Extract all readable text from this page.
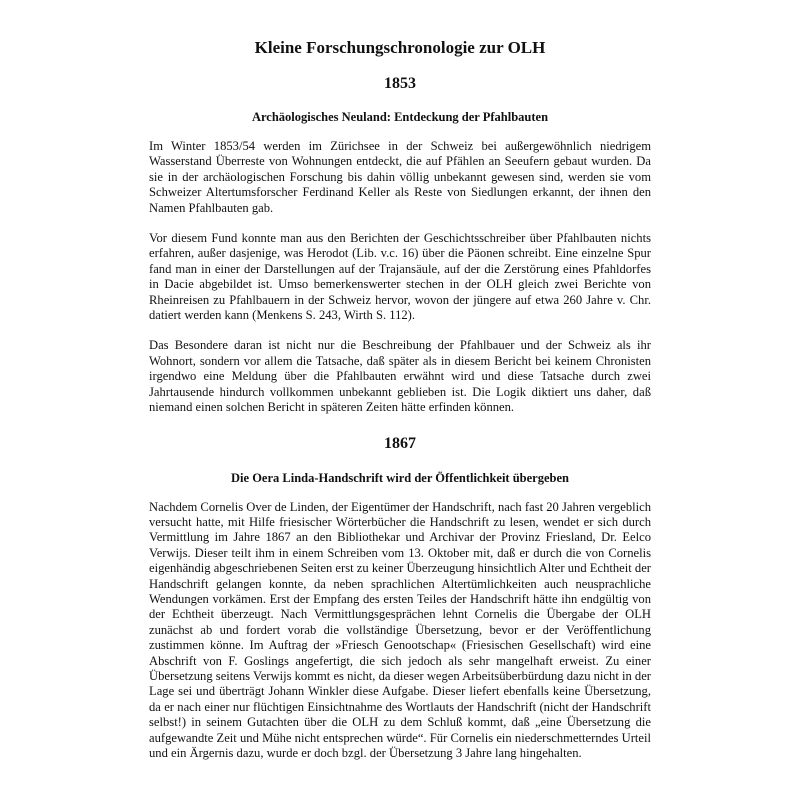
Kleine Forschungschronologie zur OLH
1853
Archäologisches Neuland: Entdeckung der Pfahlbauten

Im Winter 1853/54 werden im Zürichsee in der Schweiz bei außergewöhnlich niedrigem Wasserstand Überreste von Wohnungen entdeckt, die auf Pfählen an Seeufern gebaut wurden. Da sie in der archäologischen Forschung bis dahin völlig unbekannt gewesen sind, werden sie vom Schweizer Altertumsforscher Ferdinand Keller als Reste von Siedlungen erkannt, der ihnen den Namen Pfahlbauten gab.

Vor diesem Fund konnte man aus den Berichten der Geschichtsschreiber über Pfahlbauten nichts erfahren, außer dasjenige, was Herodot (Lib. v.c. 16) über die Päonen schreibt. Eine einzelne Spur fand man in einer der Darstellungen auf der Trajansäule, auf der die Zerstörung eines Pfahldorfes in Dacie abgebildet ist. Umso bemerkenswerter stechen in der OLH gleich zwei Berichte von Rheinreisen zu Pfahlbauern in der Schweiz hervor, wovon der jüngere auf etwa 260 Jahre v. Chr. datiert werden kann (Menkens S. 243, Wirth S. 112).

Das Besondere daran ist nicht nur die Beschreibung der Pfahlbauer und der Schweiz als ihr Wohnort, sondern vor allem die Tatsache, daß später als in diesem Bericht bei keinem Chronisten irgendwo eine Meldung über die Pfahlbauten erwähnt wird und diese Tatsache durch zwei Jahrtausende hindurch vollkommen unbekannt geblieben ist. Die Logik diktiert uns daher, daß niemand einen solchen Bericht in späteren Zeiten hätte erfinden können.

1867
Die Oera Linda-Handschrift wird der Öffentlichkeit übergeben

Nachdem Cornelis Over de Linden, der Eigentümer der Handschrift, nach fast 20 Jahren vergeblich versucht hatte, mit Hilfe friesischer Wörterbücher die Handschrift zu lesen, wendet er sich durch Vermittlung im Jahre 1867 an den Bibliothekar und Archivar der Provinz Friesland, Dr. Eelco Verwijs. Dieser teilt ihm in einem Schreiben vom 13. Oktober mit, daß er durch die von Cornelis eigenhändig abgeschriebenen Seiten erst zu keiner Überzeugung hinsichtlich Alter und Echtheit der Handschrift gelangen konnte, da neben sprachlichen Altertümlichkeiten auch neusprachliche Wendungen vorkämen. Erst der Empfang des ersten Teiles der Handschrift hätte ihn endgültig von der Echtheit überzeugt. Nach Vermittlungsgesprächen lehnt Cornelis die Übergabe der OLH zunächst ab und fordert vorab die vollständige Übersetzung, bevor er der Veröffentlichung zustimmen könne. Im Auftrag der »Friesch Genootschap« (Friesischen Gesellschaft) wird eine Abschrift von F. Goslings angefertigt, die sich jedoch als sehr mangelhaft erweist. Zu einer Übersetzung seitens Verwijs kommt es nicht, da dieser wegen Arbeitsüberbürdung dazu nicht in der Lage sei und überträgt Johann Winkler diese Aufgabe. Dieser liefert ebenfalls keine Übersetzung, da er nach einer nur flüchtigen Einsichtnahme des Wortlauts der Handschrift (nicht der Handschrift selbst!) in seinem Gutachten über die OLH zu dem Schluß kommt, daß „eine Übersetzung die aufgewandte Zeit und Mühe nicht entsprechen würde“. Für Cornelis ein niederschmetterndes Urteil und ein Ärgernis dazu, wurde er doch bzgl. der Übersetzung 3 Jahre lang hingehalten.
